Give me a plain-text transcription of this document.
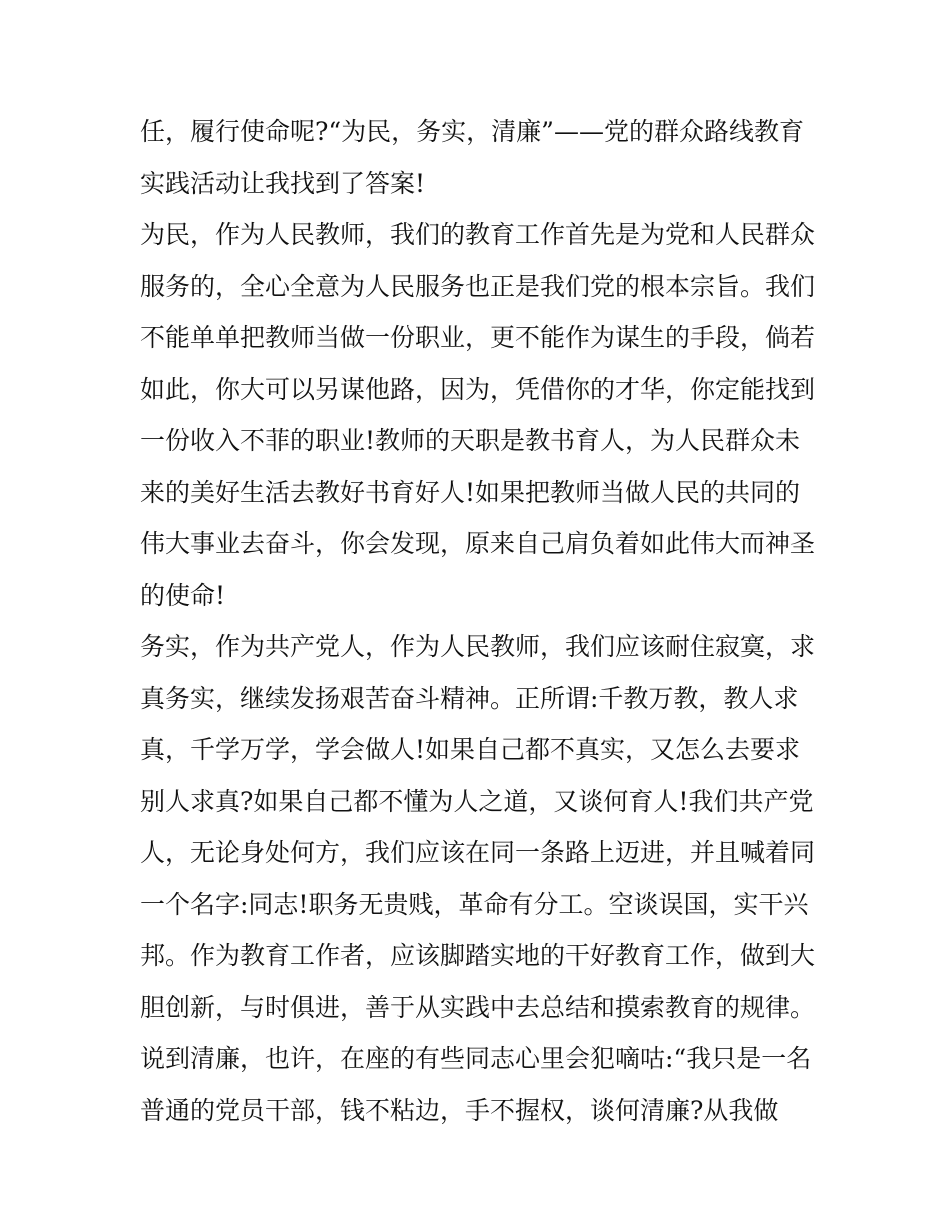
任，履行使命呢?“为民，务实，清廉”——党的群众路线教育
实践活动让我找到了答案!
为民，作为人民教师，我们的教育工作首先是为党和人民群众
服务的，全心全意为人民服务也正是我们党的根本宗旨。我们
不能单单把教师当做一份职业，更不能作为谋生的手段，倘若
如此，你大可以另谋他路，因为，凭借你的才华，你定能找到
一份收入不菲的职业!教师的天职是教书育人，为人民群众未
来的美好生活去教好书育好人!如果把教师当做人民的共同的
伟大事业去奋斗，你会发现，原来自己肩负着如此伟大而神圣
的使命!
务实，作为共产党人，作为人民教师，我们应该耐住寂寞，求
真务实，继续发扬艰苦奋斗精神。正所谓:千教万教，教人求
真，千学万学，学会做人!如果自己都不真实，又怎么去要求
别人求真?如果自己都不懂为人之道，又谈何育人!我们共产党
人，无论身处何方，我们应该在同一条路上迈进，并且喊着同
一个名字:同志!职务无贵贱，革命有分工。空谈误国，实干兴
邦。作为教育工作者，应该脚踏实地的干好教育工作，做到大
胆创新，与时俱进，善于从实践中去总结和摸索教育的规律。
说到清廉，也许，在座的有些同志心里会犯嘀咕:“我只是一名
普通的党员干部，钱不粘边，手不握权，谈何清廉?从我做
